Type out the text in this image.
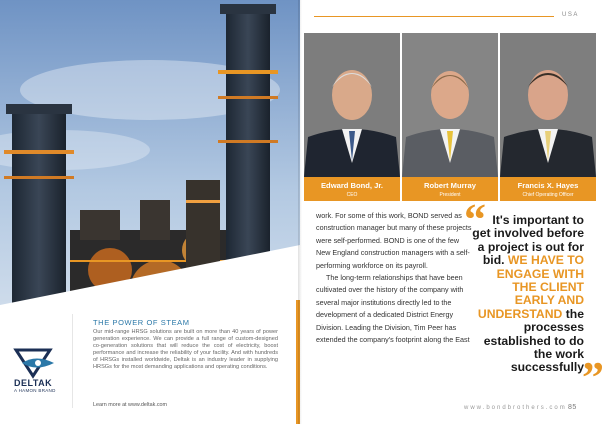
DELTAK
A HAMON BRAND
THE POWER OF STEAM
Our mid-range HRSG solutions are built on more than 40 years of power generation experience. We can provide a full range of custom-designed co-generation solutions that will reduce the cost of electricity, boost performance and increase the reliability of your facility. And with hundreds of HRSGs installed worldwide, Deltak is an industry leader in supplying HRSGs for the most demanding applications and operating conditions.
Learn more at www.deltak.com
USA
Edward Bond, Jr.
CEO
Robert Murray
President
Francis X. Hayes
Chief Operating Officer

work. For some of this work, BOND served as construction manager but many of these projects were self-performed. BOND is one of the few New England construction managers with a self-performing workforce on its payroll.

The long-term relationships that have been cultivated over the history of the company with several major institutions directly led to the development of a dedicated District Energy Division. Leading the Division, Tim Peer has extended the company's footprint along the East

“ It's important to get involved before a project is out for bid. WE HAVE TO ENGAGE WITH THE CLIENT EARLY AND UNDERSTAND the processes established to do the work successfully
”
www.bondbrothers.com 85
